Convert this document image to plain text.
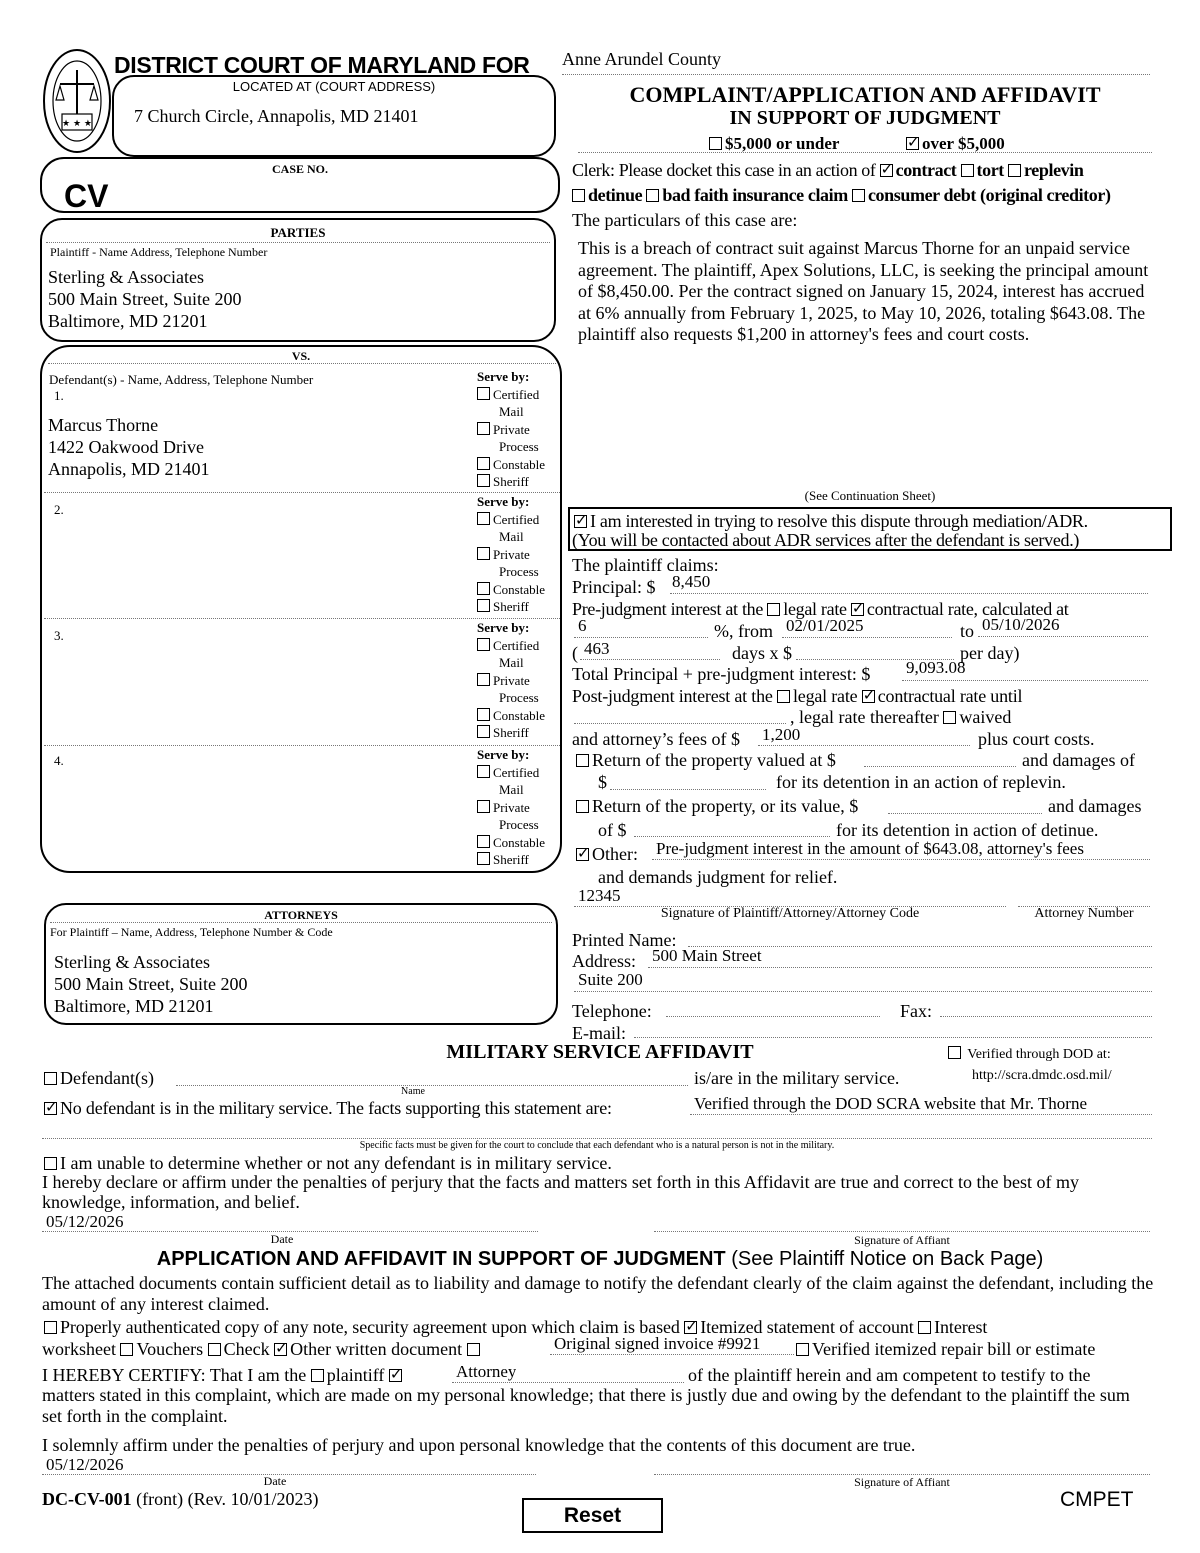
★ ★ ★
DISTRICT COURT OF MARYLAND FOR Anne Arundel County
LOCATED AT (COURT ADDRESS)
7 Church Circle, Annapolis, MD 21401
COMPLAINT/APPLICATION AND AFFIDAVIT
IN SUPPORT OF JUDGMENT
$5,000 or under ✓	over $5,000
CASE NO.
CV
Clerk: Please docket this case in an action of ✓ contract tort replevin
detinue bad faith insurance claim consumer debt (original creditor)
The particulars of this case are:
This is a breach of contract suit against Marcus Thorne for an unpaid service agreement. The plaintiff, Apex Solutions, LLC, is seeking the principal amount of $8,450.00. Per the contract signed on January 15, 2024, interest has accrued at 6% annually from February 1, 2025, to May 10, 2026, totaling $643.08. The plaintiff also requests $1,200 in attorney's fees and court costs.
(See Continuation Sheet)
PARTIES
Plaintiff - Name Address, Telephone Number
Sterling & Associates
500 Main Street, Suite 200
Baltimore, MD 21201
VS.
Defendant(s) - Name, Address, Telephone Number
1.
Marcus Thorne
1422 Oakwood Drive
Annapolis, MD 21401
Serve by:
Certified
Mail
Private
Process
Constable
Sheriff
2.
Serve by:
Certified
Mail
Private
Process
Constable
Sheriff
3.
Serve by:
Certified
Mail
Private
Process
Constable
Sheriff
4.	Serve by:
Certified
Mail
Private
Process
Constable
Sheriff
✓I am interested in trying to resolve this dispute through mediation/ADR.
(You will be contacted about ADR services after the defendant is served.)
The plaintiff claims:
Principal: $ 8,450
Pre-judgment interest at the legal rate ✓ contractual rate, calculated at
6	%, from 02/01/2025	to 05/10/2026
( 463	days x $	per day)
Total Principal + pre-judgment interest: $ 9,093.08
Post-judgment interest at the legal rate ✓ contractual rate until
, legal rate thereafter waived
and attorney’s fees of $ 1,200	plus court costs.
Return of the property valued at $	and damages of
$	for its detention in an action of replevin.
Return of the property, or its value, $	and damages
of $	for its detention in action of detinue.
✓Other: Pre-judgment interest in the amount of $643.08, attorney's fees
and demands judgment for relief.
12345
Signature of Plaintiff/Attorney/Attorney Code	Attorney Number
Printed Name:
Address: 500 Main Street
Suite 200
Telephone:	Fax:
E-mail:
ATTORNEYS
For Plaintiff – Name, Address, Telephone Number & Code
Sterling & Associates
500 Main Street, Suite 200
Baltimore, MD 21201
MILITARY SERVICE AFFIDAVIT	Verified through DOD at:
http://scra.dmdc.osd.mil/
Defendant(s)
Name
is/are in the military service.
✓No defendant is in the military service. The facts supporting this statement are:	Verified through the DOD SCRA website that Mr. Thorne
Specific facts must be given for the court to conclude that each defendant who is a natural person is not in the military.
I am unable to determine whether or not any defendant is in military service.
I hereby declare or affirm under the penalties of perjury that the facts and matters set forth in this Affidavit are true and correct to the best of my knowledge, information, and belief.
05/12/2026
Date	Signature of Affiant
APPLICATION AND AFFIDAVIT IN SUPPORT OF JUDGMENT (See Plaintiff Notice on Back Page)
The attached documents contain sufficient detail as to liability and damage to notify the defendant clearly of the claim against the defendant, including the amount of any interest claimed.
Properly authenticated copy of any note, security agreement upon which claim is based ✓ Itemized statement of account Interest
worksheet Vouchers Check ✓ Other written document	Original signed invoice #9921	Verified itemized repair bill or estimate
I HEREBY CERTIFY: That I am the plaintiff ✓	Attorney	of the plaintiff herein and am competent to testify to the
matters stated in this complaint, which are made on my personal knowledge; that there is justly due and owing by the defendant to the plaintiff the sum set forth in the complaint.
I solemnly affirm under the penalties of perjury and upon personal knowledge that the contents of this document are true.
05/12/2026
Date	Signature of Affiant
DC-CV-001 (front) (Rev. 10/01/2023)
Reset
CMPET
